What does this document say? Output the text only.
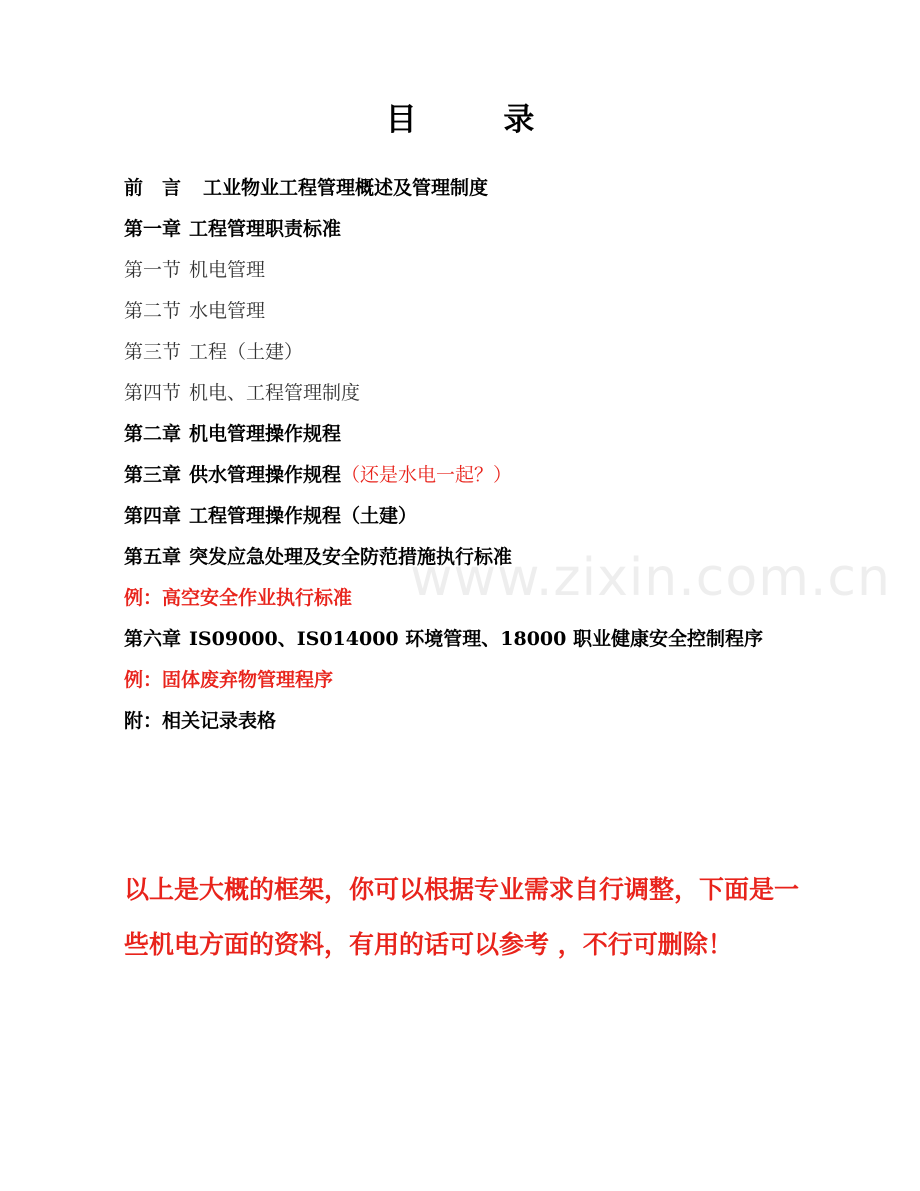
www.zixin.com.cn
目 录
前　言 工业物业工程管理概述及管理制度
第一章 工程管理职责标准
第一节 机电管理
第二节 水电管理
第三节 工程（土建）
第四节 机电、工程管理制度
第二章 机电管理操作规程
第三章 供水管理操作规程（还是水电一起？）
第四章 工程管理操作规程（土建）
第五章 突发应急处理及安全防范措施执行标准
例：高空安全作业执行标准
第六章 IS09000、IS014000 环境管理、18000 职业健康安全控制程序
例：固体废弃物管理程序
附：相关记录表格
以上是大概的框架，你可以根据专业需求自行调整，下面是一些机电方面的资料，有用的话可以参考 ，不行可删除！
